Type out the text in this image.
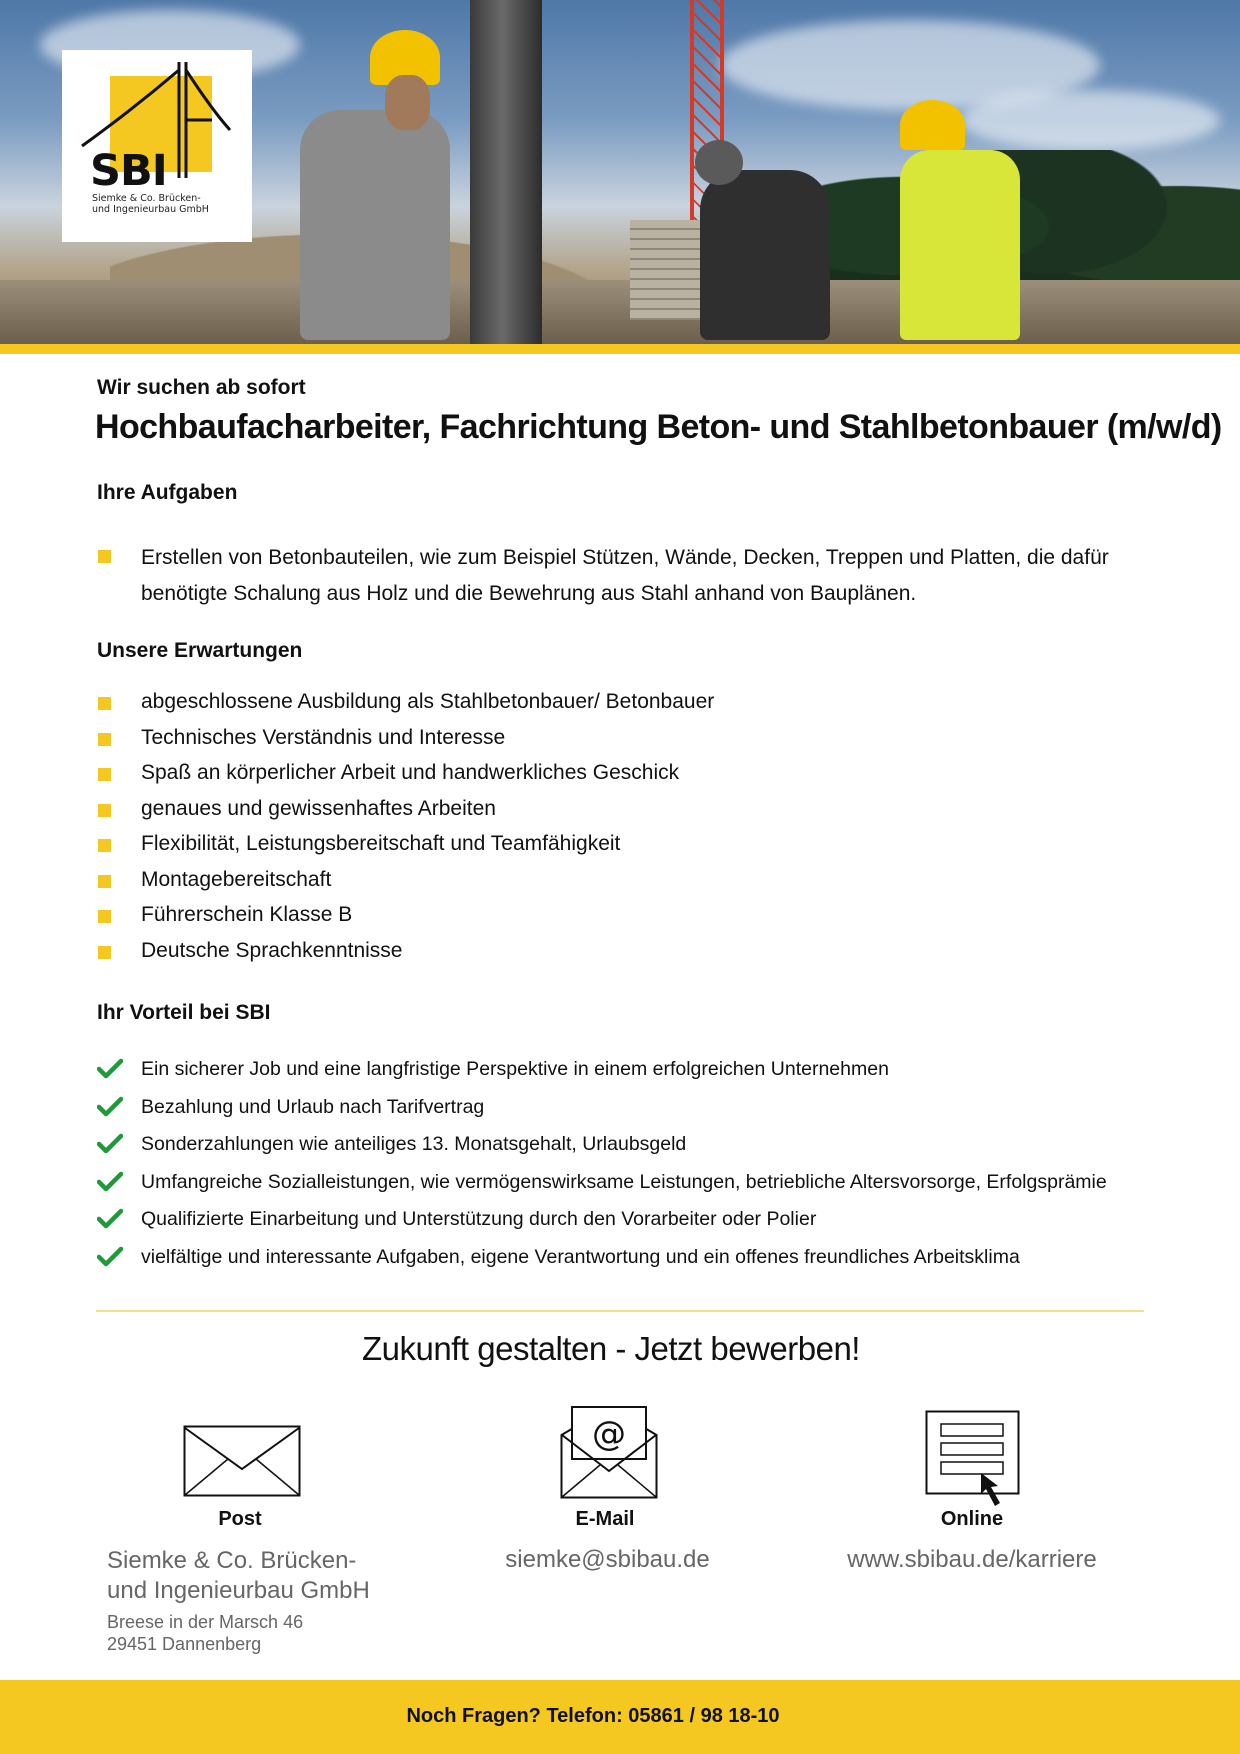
SBI
Siemke & Co. Brücken-
und Ingenieurbau GmbH
Wir suchen ab sofort
Hochbaufacharbeiter, Fachrichtung Beton- und Stahlbetonbauer (m/w/d)
Ihre Aufgaben
Erstellen von Betonbauteilen, wie zum Beispiel Stützen, Wände, Decken, Treppen und Platten, die dafür benötigte Schalung aus Holz und die Bewehrung aus Stahl anhand von Bauplänen.
Unsere Erwartungen
abgeschlossene Ausbildung als Stahlbetonbauer/ Betonbauer
Technisches Verständnis und Interesse
Spaß an körperlicher Arbeit und handwerkliches Geschick
genaues und gewissenhaftes Arbeiten
Flexibilität, Leistungsbereitschaft und Teamfähigkeit
Montagebereitschaft
Führerschein Klasse B
Deutsche Sprachkenntnisse
Ihr Vorteil bei SBI
Ein sicherer Job und eine langfristige Perspektive in einem erfolgreichen Unternehmen
Bezahlung und Urlaub nach Tarifvertrag
Sonderzahlungen wie anteiliges 13. Monatsgehalt, Urlaubsgeld
Umfangreiche Sozialleistungen, wie vermögenswirksame Leistungen, betriebliche Altersvorsorge, Erfolgsprämie
Qualifizierte Einarbeitung und Unterstützung durch den Vorarbeiter oder Polier
vielfältige und interessante Aufgaben, eigene Verantwortung und ein offenes freundliches Arbeitsklima
Zukunft gestalten - Jetzt bewerben!
Post
Siemke & Co. Brücken-
und Ingenieurbau GmbH
Breese in der Marsch 46
29451 Dannenberg
@
E-Mail
siemke@sbibau.de
Online
www.sbibau.de/karriere
Noch Fragen? Telefon: 05861 / 98 18-10
